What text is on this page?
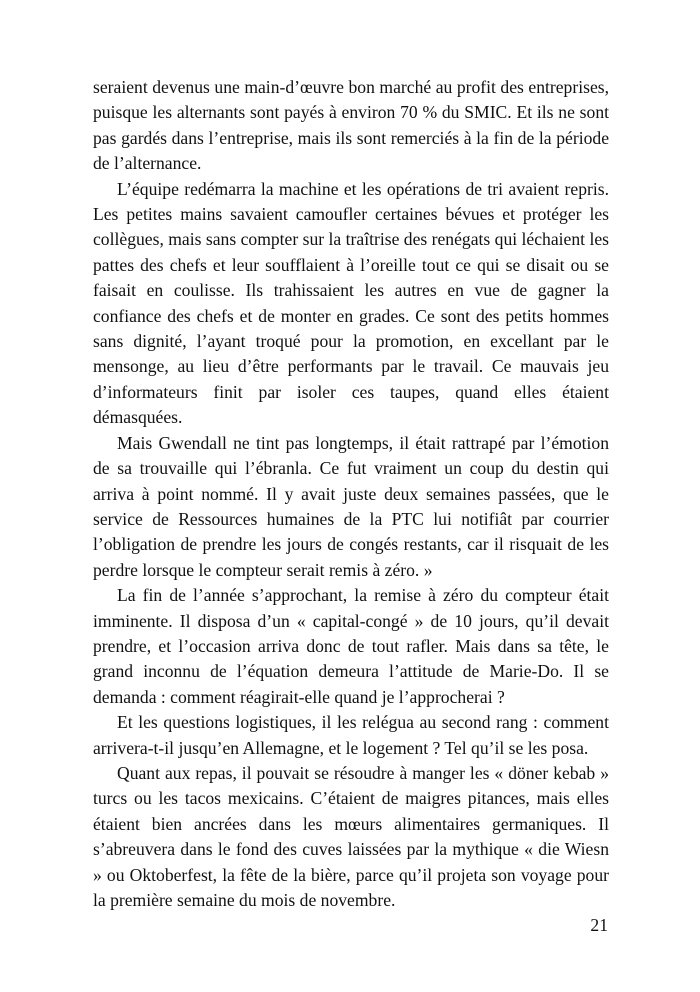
seraient devenus une main-d’œuvre bon marché au profit des entreprises, puisque les alternants sont payés à environ 70 % du SMIC. Et ils ne sont pas gardés dans l’entreprise, mais ils sont remerciés à la fin de la période de l’alternance.

L’équipe redémarra la machine et les opérations de tri avaient repris. Les petites mains savaient camoufler certaines bévues et protéger les collègues, mais sans compter sur la traîtrise des renégats qui léchaient les pattes des chefs et leur soufflaient à l’oreille tout ce qui se disait ou se faisait en coulisse. Ils trahissaient les autres en vue de gagner la confiance des chefs et de monter en grades. Ce sont des petits hommes sans dignité, l’ayant troqué pour la promotion, en excellant par le mensonge, au lieu d’être performants par le travail. Ce mauvais jeu d’informateurs finit par isoler ces taupes, quand elles étaient démasquées.

Mais Gwendall ne tint pas longtemps, il était rattrapé par l’émotion de sa trouvaille qui l’ébranla. Ce fut vraiment un coup du destin qui arriva à point nommé. Il y avait juste deux semaines passées, que le service de Ressources humaines de la PTC lui notifiât par courrier l’obligation de prendre les jours de congés restants, car il risquait de les perdre lorsque le compteur serait remis à zéro. »

La fin de l’année s’approchant, la remise à zéro du compteur était imminente. Il disposa d’un « capital-congé » de 10 jours, qu’il devait prendre, et l’occasion arriva donc de tout rafler. Mais dans sa tête, le grand inconnu de l’équation demeura l’attitude de Marie-Do. Il se demanda : comment réagirait-elle quand je l’approcherai ?

Et les questions logistiques, il les relégua au second rang : comment arrivera-t-il jusqu’en Allemagne, et le logement ? Tel qu’il se les posa.

Quant aux repas, il pouvait se résoudre à manger les « döner kebab » turcs ou les tacos mexicains. C’étaient de maigres pitances, mais elles étaient bien ancrées dans les mœurs alimentaires germaniques. Il s’abreuvera dans le fond des cuves laissées par la mythique « die Wiesn » ou Oktoberfest, la fête de la bière, parce qu’il projeta son voyage pour la première semaine du mois de novembre.

21
